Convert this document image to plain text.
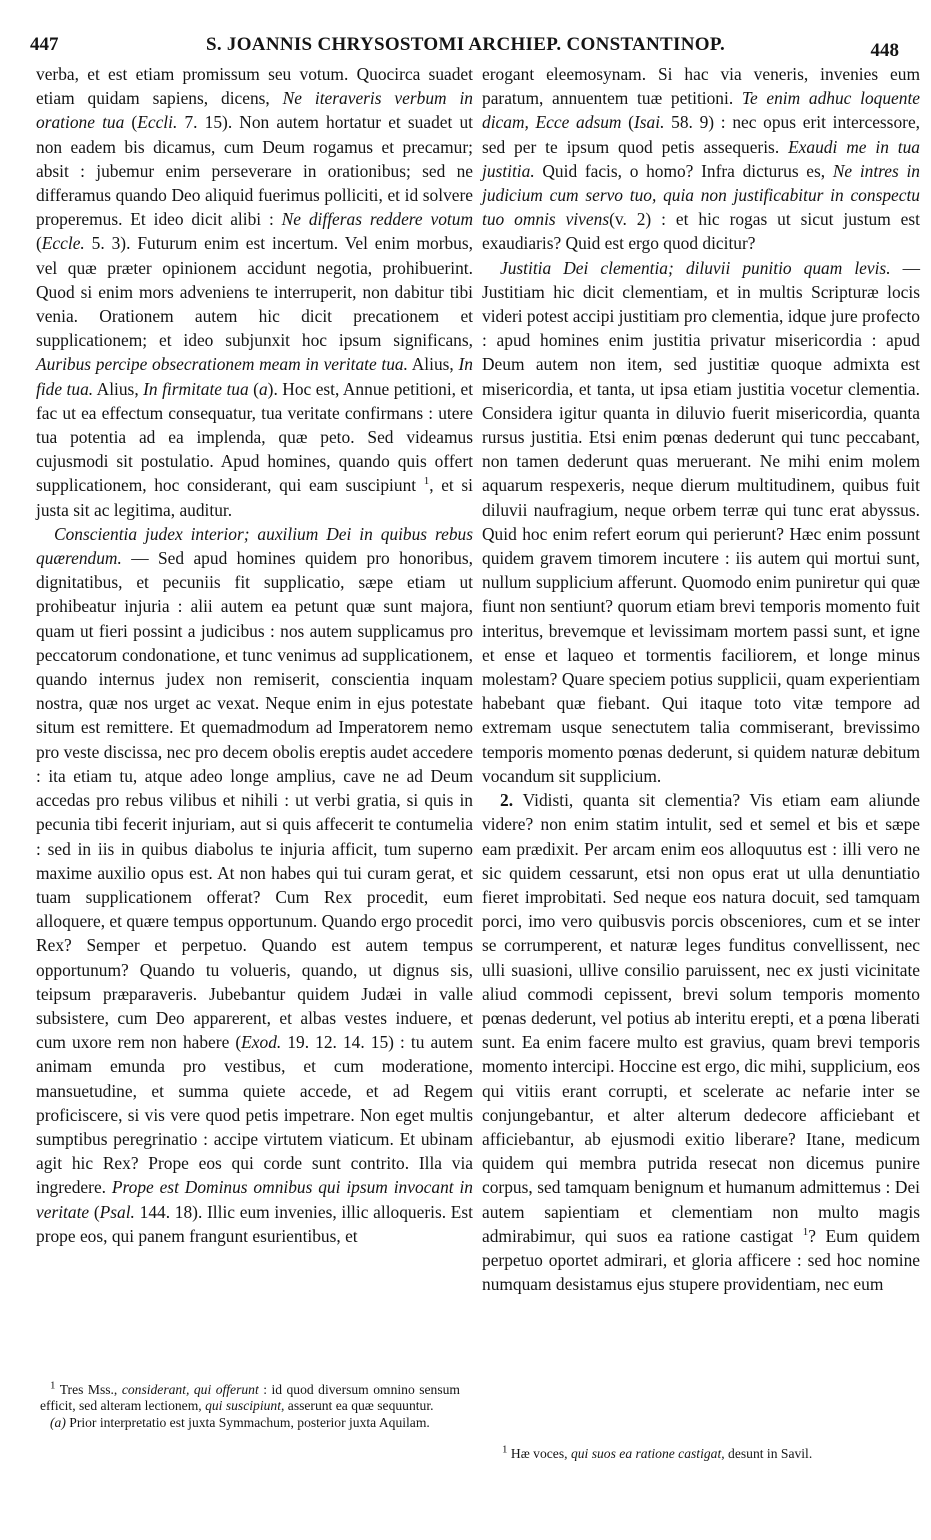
447	S. JOANNIS CHRYSOSTOMI ARCHIEP. CONSTANTINOP.	448

verba, et est etiam promissum seu votum. Quocirca suadet etiam quidam sapiens, dicens, Ne iteraveris verbum in oratione tua (Eccli. 7. 15). Non autem hortatur et suadet ut non eadem bis dicamus, cum Deum rogamus et precamur; absit : jubemur enim perseverare in orationibus; sed ne differamus quando Deo aliquid fuerimus polliciti, et id solvere properemus. Et ideo dicit alibi : Ne differas reddere votum (Eccle. 5. 3). Futurum enim est incertum. Vel enim morbus, vel quæ præter opinionem accidunt negotia, prohibuerint. Quod si enim mors adveniens te interruperit, non dabitur tibi venia. Orationem autem hic dicit precationem et supplicationem; et ideo subjunxit hoc ipsum significans, Auribus percipe obsecrationem meam in veritate tua. Alius, In fide tua. Alius, In firmitate tua (a). Hoc est, Annue petitioni, et fac ut ea effectum consequatur, tua veritate confirmans : utere tua potentia ad ea implenda, quæ peto. Sed videamus cujusmodi sit postulatio. Apud homines, quando quis offert supplicationem, hoc considerant, qui eam suscipiunt $^1$, et si justa sit ac legitima, auditur.

Conscientia judex interior; auxilium Dei in quibus rebus quærendum. — Sed apud homines quidem pro honoribus, dignitatibus, et pecuniis fit supplicatio, sæpe etiam ut prohibeatur injuria : alii autem ea petunt quæ sunt majora, quam ut fieri possint a judicibus : nos autem supplicamus pro peccatorum condonatione, et tunc venimus ad supplicationem, quando internus judex non remiserit, conscientia inquam nostra, quæ nos urget ac vexat. Neque enim in ejus potestate situm est remittere. Et quemadmodum ad Imperatorem nemo pro veste discissa, nec pro decem obolis ereptis audet accedere : ita etiam tu, atque adeo longe amplius, cave ne ad Deum accedas pro rebus vilibus et nihili : ut verbi gratia, si quis in pecunia tibi fecerit injuriam, aut si quis affecerit te contumelia : sed in iis in quibus diabolus te injuria afficit, tum superno maxime auxilio opus est. At non habes qui tui curam gerat, et tuam supplicationem offerat? Cum Rex procedit, eum alloquere, et quære tempus opportunum. Quando ergo procedit Rex? Semper et perpetuo. Quando est autem tempus opportunum? Quando tu volueris, quando, ut dignus sis, teipsum præparaveris. Jubebantur quidem Judæi in valle subsistere, cum Deo apparerent, et albas vestes induere, et cum uxore rem non habere (Exod. 19. 12. 14. 15) : tu autem animam emunda pro vestibus, et cum moderatione, mansuetudine, et summa quiete accede, et ad Regem proficiscere, si vis vere quod petis impetrare. Non eget multis sumptibus peregrinatio : accipe virtutem viaticum. Et ubinam agit hic Rex? Prope eos qui corde sunt contrito. Illa via ingredere. Prope est Dominus omnibus qui ipsum invocant in veritate (Psal. 144. 18). Illic eum invenies, illic alloqueris. Est prope eos, qui panem frangunt esurientibus, et

erogant eleemosynam. Si hac via veneris, invenies eum paratum, annuentem tuæ petitioni. Te enim adhuc loquente dicam, Ecce adsum (Isai. 58. 9) : nec opus erit intercessore, sed per te ipsum quod petis assequeris. Exaudi me in tua justitia. Quid facis, o homo? Infra dicturus es, Ne intres in judicium cum servo tuo, quia non justificabitur in conspectu tuo omnis vivens(v. 2) : et hic rogas ut sicut justum est exaudiaris? Quid est ergo quod dicitur?

Justitia Dei clementia; diluvii punitio quam levis. — Justitiam hic dicit clementiam, et in multis Scripturæ locis videri potest accipi justitiam pro clementia, idque jure profecto : apud homines enim justitia privatur misericordia : apud Deum autem non item, sed justitiæ quoque admixta est misericordia, et tanta, ut ipsa etiam justitia vocetur clementia. Considera igitur quanta in diluvio fuerit misericordia, quanta rursus justitia. Etsi enim pœnas dederunt qui tunc peccabant, non tamen dederunt quas meruerant. Ne mihi enim molem aquarum respexeris, neque dierum multitudinem, quibus fuit diluvii naufragium, neque orbem terræ qui tunc erat abyssus. Quid hoc enim refert eorum qui perierunt? Hæc enim possunt quidem gravem timorem incutere : iis autem qui mortui sunt, nullum supplicium afferunt. Quomodo enim puniretur qui quæ fiunt non sentiunt? quorum etiam brevi temporis momento fuit interitus, brevemque et levissimam mortem passi sunt, et igne et ense et laqueo et tormentis faciliorem, et longe minus molestam? Quare speciem potius supplicii, quam experientiam habebant quæ fiebant. Qui itaque toto vitæ tempore ad extremam usque senectutem talia commiserant, brevissimo temporis momento pœnas dederunt, si quidem naturæ debitum vocandum sit supplicium.

2. Vidisti, quanta sit clementia? Vis etiam eam aliunde videre? non enim statim intulit, sed et semel et bis et sæpe eam prædixit. Per arcam enim eos alloquutus est : illi vero ne sic quidem cessarunt, etsi non opus erat ut ulla denuntiatio fieret improbitati. Sed neque eos natura docuit, sed tamquam porci, imo vero quibusvis porcis obsceniores, cum et se inter se corrumperent, et naturæ leges funditus convellissent, nec ulli suasioni, ullive consilio paruissent, nec ex justi vicinitate aliud commodi cepissent, brevi solum temporis momento pœnas dederunt, vel potius ab interitu erepti, et a pœna liberati sunt. Ea enim facere multo est gravius, quam brevi temporis momento intercipi. Hoccine est ergo, dic mihi, supplicium, eos qui vitiis erant corrupti, et scelerate ac nefarie inter se conjungebantur, et alter alterum dedecore afficiebant et afficiebantur, ab ejusmodi exitio liberare? Itane, medicum quidem qui membra putrida resecat non dicemus punire corpus, sed tamquam benignum et humanum admittemus : Dei autem sapientiam et clementiam non multo magis admirabimur, qui suos ea ratione castigat $^1$? Eum quidem perpetuo oportet admirari, et gloria afficere : sed hoc nomine numquam desistamus ejus stupere providentiam, nec eum

$^1$ Tres Mss., considerant, qui offerunt : id quod diversum omnino sensum efficit, sed alteram lectionem, qui suscipiunt, asserunt ea quæ sequuntur.

(a) Prior interpretatio est juxta Symmachum, posterior juxta Aquilam.

$^1$ Hæ voces, qui suos ea ratione castigat, desunt in Savil.
